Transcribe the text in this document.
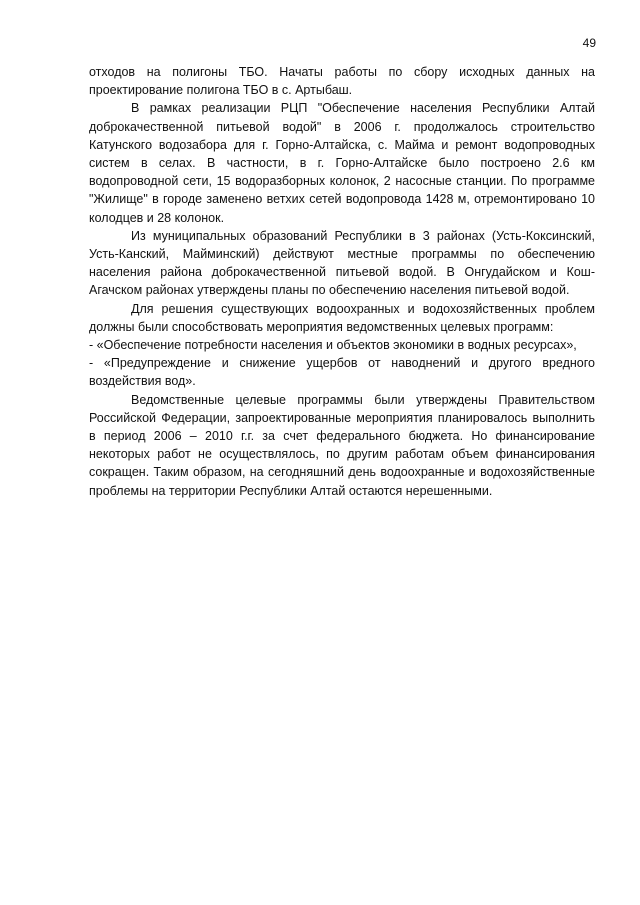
49

отходов на полигоны ТБО. Начаты работы по сбору исходных данных на проектирование полигона ТБО в с. Артыбаш.

В рамках реализации РЦП "Обеспечение населения Республики Алтай доброкачественной питьевой водой" в 2006 г. продолжалось строительство Катунского водозабора для г. Горно-Алтайска, с. Майма и ремонт водопроводных систем в селах. В частности, в г. Горно-Алтайске было построено 2.6 км водопроводной сети, 15 водоразборных колонок, 2 насосные станции. По программе "Жилище" в городе заменено ветхих сетей водопровода 1428 м, отремонтировано 10 колодцев и 28 колонок.

Из муниципальных образований Республики в 3 районах (Усть-Коксинский, Усть-Канский, Майминский) действуют местные программы по обеспечению населения района доброкачественной питьевой водой. В Онгудайском и Кош-Агачском районах утверждены планы по обеспечению населения питьевой водой.

Для решения существующих водоохранных и водохозяйственных проблем должны были способствовать мероприятия ведомственных целевых программ:

- «Обеспечение потребности населения и объектов экономики в водных ресурсах»,

- «Предупреждение и снижение ущербов от наводнений и другого вредного воздействия вод».

Ведомственные целевые программы были утверждены Правительством Российской Федерации, запроектированные мероприятия планировалось выполнить в период 2006 – 2010 г.г. за счет федерального бюджета. Но финансирование некоторых работ не осуществлялось, по другим работам объем финансирования сокращен. Таким образом, на сегодняшний день водоохранные и водохозяйственные проблемы на территории Республики Алтай остаются нерешенными.
